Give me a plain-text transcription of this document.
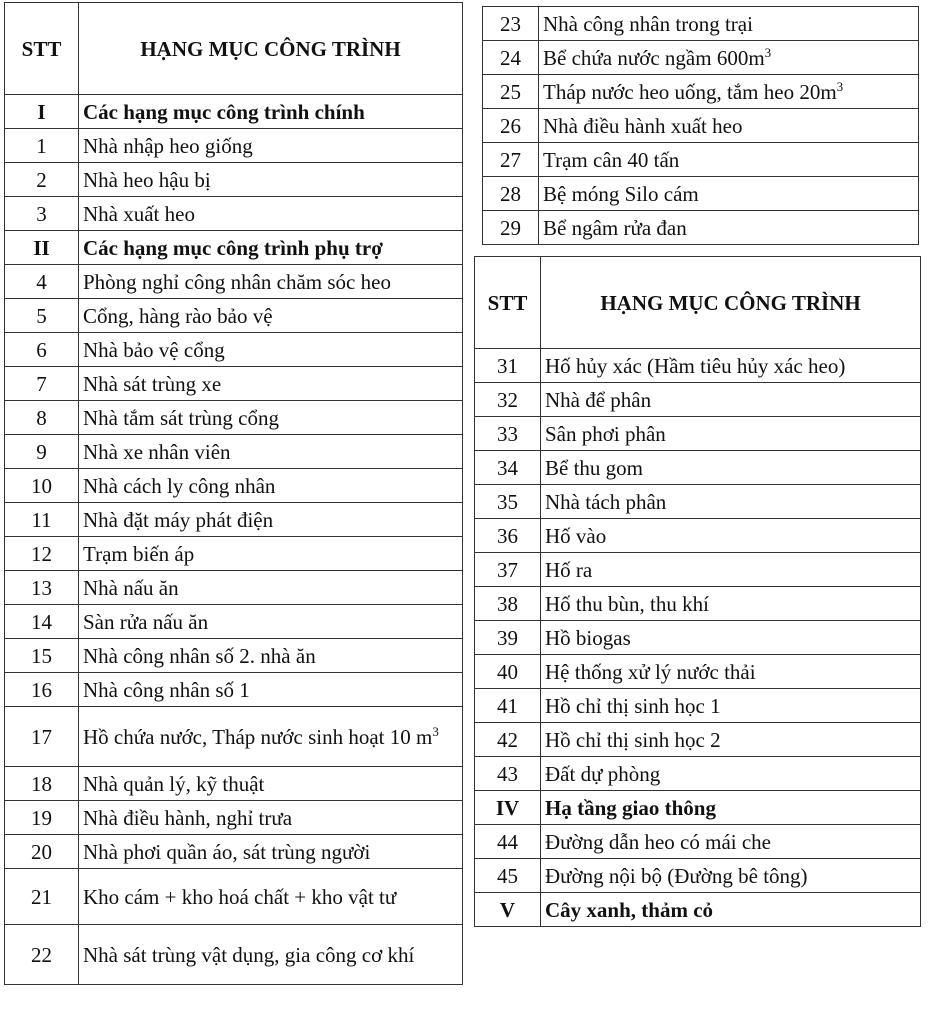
STT	HẠNG MỤC CÔNG TRÌNH
I	Các hạng mục công trình chính
1	Nhà nhập heo giống
2	Nhà heo hậu bị
3	Nhà xuất heo
II	Các hạng mục công trình phụ trợ
4	Phòng nghỉ công nhân chăm sóc heo
5	Cổng, hàng rào bảo vệ
6	Nhà bảo vệ cổng
7	Nhà sát trùng xe
8	Nhà tắm sát trùng cổng
9	Nhà xe nhân viên
10	Nhà cách ly công nhân
11	Nhà đặt máy phát điện
12	Trạm biến áp
13	Nhà nấu ăn
14	Sàn rửa nấu ăn
15	Nhà công nhân số 2. nhà ăn
16	Nhà công nhân số 1
17	Hồ chứa nước, Tháp nước sinh hoạt 10 $m^3$
18	Nhà quản lý, kỹ thuật
19	Nhà điều hành, nghỉ trưa
20	Nhà phơi quần áo, sát trùng người
21	Kho cám + kho hoá chất + kho vật tư
22	Nhà sát trùng vật dụng, gia công cơ khí
23	Nhà công nhân trong trại
24	Bể chứa nước ngầm $600m^3$
25	Tháp nước heo uống, tắm heo $20m^3$
26	Nhà điều hành xuất heo
27	Trạm cân 40 tấn
28	Bệ móng Silo cám
29	Bể ngâm rửa đan
STT	HẠNG MỤC CÔNG TRÌNH
31	Hố hủy xác (Hầm tiêu hủy xác heo)
32	Nhà để phân
33	Sân phơi phân
34	Bể thu gom
35	Nhà tách phân
36	Hố vào
37	Hố ra
38	Hố thu bùn, thu khí
39	Hồ biogas
40	Hệ thống xử lý nước thải
41	Hồ chỉ thị sinh học 1
42	Hồ chỉ thị sinh học 2
43	Đất dự phòng
IV	Hạ tầng giao thông
44	Đường dẫn heo có mái che
45	Đường nội bộ (Đường bê tông)
V	Cây xanh, thảm cỏ
